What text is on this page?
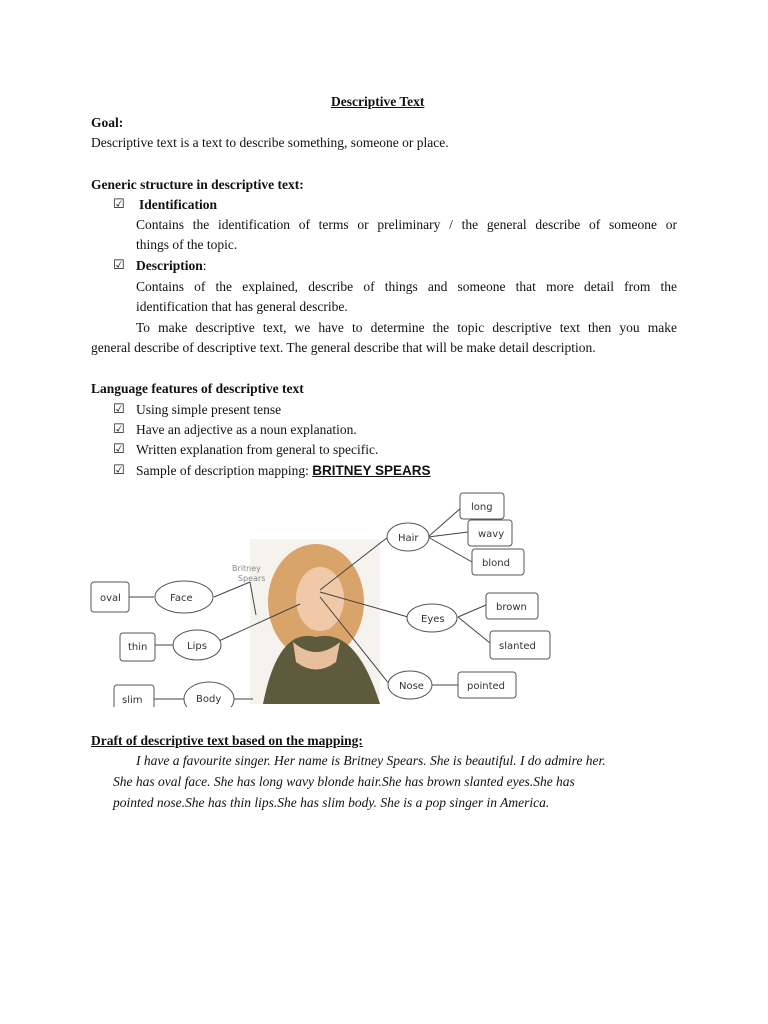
Descriptive Text
Goal:
Descriptive text is a text to describe something, someone or place.
Generic structure in descriptive text:
☑ Identification
Contains the identification of terms or preliminary / the general describe of someone or
things of the topic.
☑ Description:
Contains of the explained, describe of things and someone that more detail from the
identification that has general describe.
To make descriptive text, we have to determine the topic descriptive text then you make
general describe of descriptive text. The general describe that will be make detail description.
Language features of descriptive text
☑ Using simple present tense
☑ Have an adjective as a noun explanation.
☑ Written explanation from general to specific.
☑ Sample of description mapping: BRITNEY SPEARS
Britney
Spears
oval	Face
thin	Lips
slim	Body
Hair
long
wavy
blond
Eyes
brown
slanted
Nose	pointed
Draft of descriptive text based on the mapping:
I have a favourite singer. Her name is Britney Spears. She is beautiful. I do admire her.
She has oval face. She has long wavy blonde hair.She has brown slanted eyes.She has
pointed nose.She has thin lips.She has slim body. She is a pop singer in America.
